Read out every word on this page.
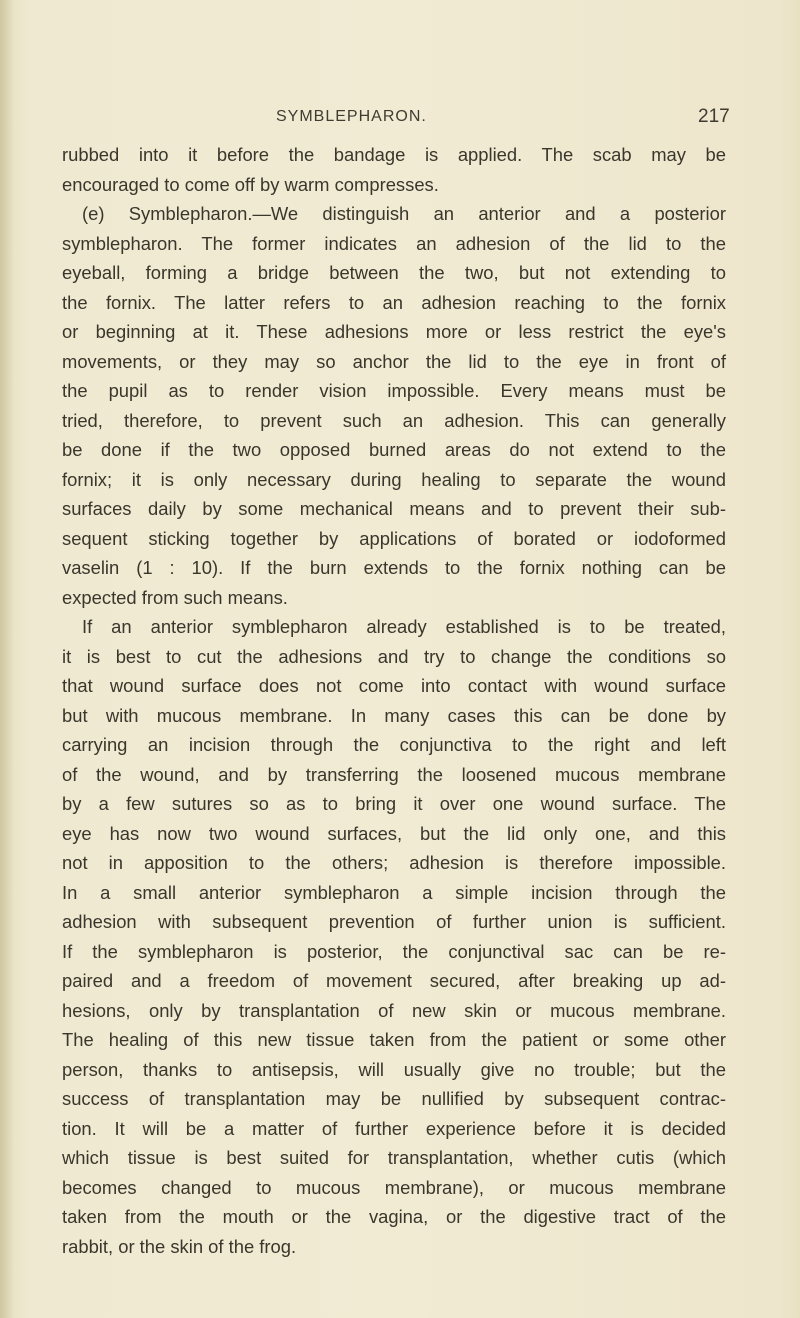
SYMBLEPHARON.	217
rubbed into it before the bandage is applied. The scab may be
encouraged to come off by warm compresses.
(e) Symblepharon.—We distinguish an anterior and a posterior
symblepharon. The former indicates an adhesion of the lid to the
eyeball, forming a bridge between the two, but not extending to
the fornix. The latter refers to an adhesion reaching to the fornix
or beginning at it. These adhesions more or less restrict the eye's
movements, or they may so anchor the lid to the eye in front of
the pupil as to render vision impossible. Every means must be
tried, therefore, to prevent such an adhesion. This can generally
be done if the two opposed burned areas do not extend to the
fornix; it is only necessary during healing to separate the wound
surfaces daily by some mechanical means and to prevent their sub-
sequent sticking together by applications of borated or iodoformed
vaselin (1 : 10). If the burn extends to the fornix nothing can be
expected from such means.
If an anterior symblepharon already established is to be treated,
it is best to cut the adhesions and try to change the conditions so
that wound surface does not come into contact with wound surface
but with mucous membrane. In many cases this can be done by
carrying an incision through the conjunctiva to the right and left
of the wound, and by transferring the loosened mucous membrane
by a few sutures so as to bring it over one wound surface. The
eye has now two wound surfaces, but the lid only one, and this
not in apposition to the others; adhesion is therefore impossible.
In a small anterior symblepharon a simple incision through the
adhesion with subsequent prevention of further union is sufficient.
If the symblepharon is posterior, the conjunctival sac can be re-
paired and a freedom of movement secured, after breaking up ad-
hesions, only by transplantation of new skin or mucous membrane.
The healing of this new tissue taken from the patient or some other
person, thanks to antisepsis, will usually give no trouble; but the
success of transplantation may be nullified by subsequent contrac-
tion. It will be a matter of further experience before it is decided
which tissue is best suited for transplantation, whether cutis (which
becomes changed to mucous membrane), or mucous membrane
taken from the mouth or the vagina, or the digestive tract of the
rabbit, or the skin of the frog.
